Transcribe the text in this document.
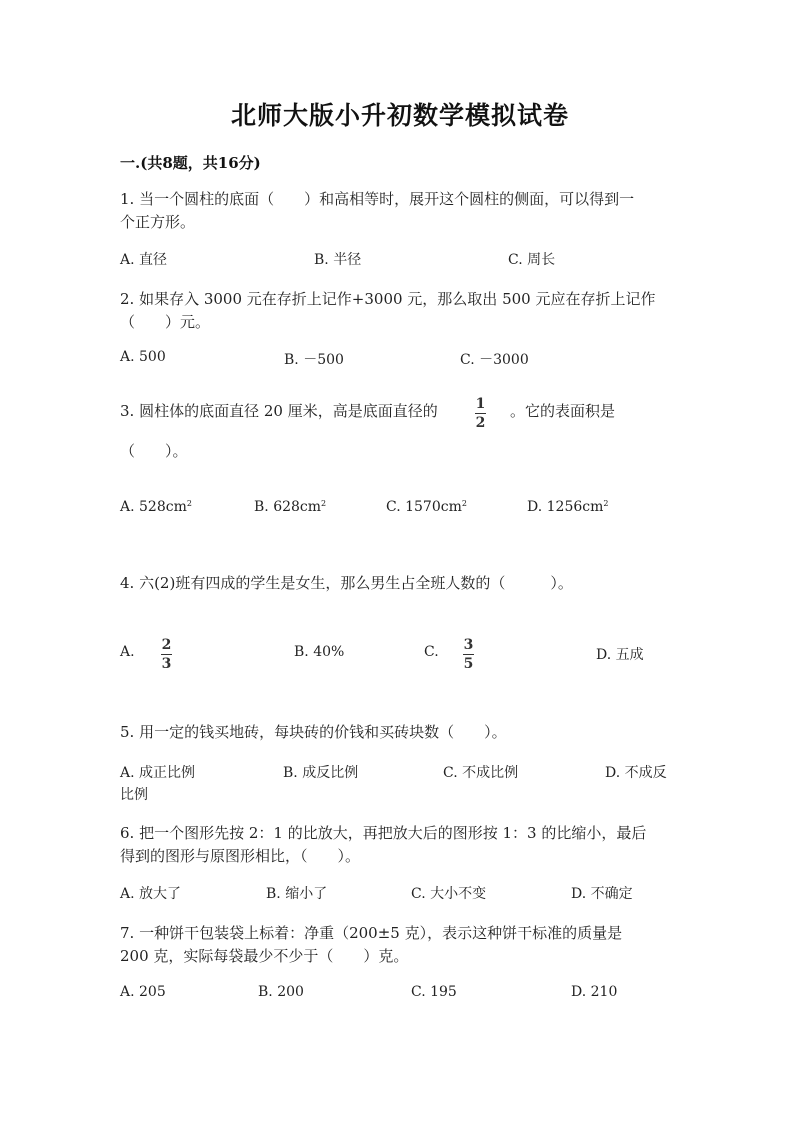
北师大版小升初数学模拟试卷
一.(共8题，共16分)
1. 当一个圆柱的底面（　　）和高相等时，展开这个圆柱的侧面，可以得到一
个正方形。
A. 直径	B. 半径	C. 周长
2. 如果存入 3000 元在存折上记作+3000 元，那么取出 500 元应在存折上记作
（　　）元。
A. 500	B. －500	C. －3000
3. 圆柱体的底面直径 20 厘米，高是底面直径的	1
2
。它的表面积是
（　　）。
A. $528cm^2$	B. $628cm^2$	C. $1570cm^2$	D. $1256cm^2$
4. 六(2)班有四成的学生是女生，那么男生占全班人数的（　　　）。
A. 2
3
B. 40%	C. 3
5
D. 五成
5. 用一定的钱买地砖，每块砖的价钱和买砖块数（　　）。
A. 成正比例	B. 成反比例	C. 不成比例	D. 不成反
比例
6. 把一个图形先按 2：1 的比放大，再把放大后的图形按 1：3 的比缩小，最后
得到的图形与原图形相比，（　　）。
A. 放大了	B. 缩小了	C. 大小不变	D. 不确定
7. 一种饼干包装袋上标着：净重（200±5 克），表示这种饼干标准的质量是
200 克，实际每袋最少不少于（　　）克。
A. 205	B. 200	C. 195	D. 210
